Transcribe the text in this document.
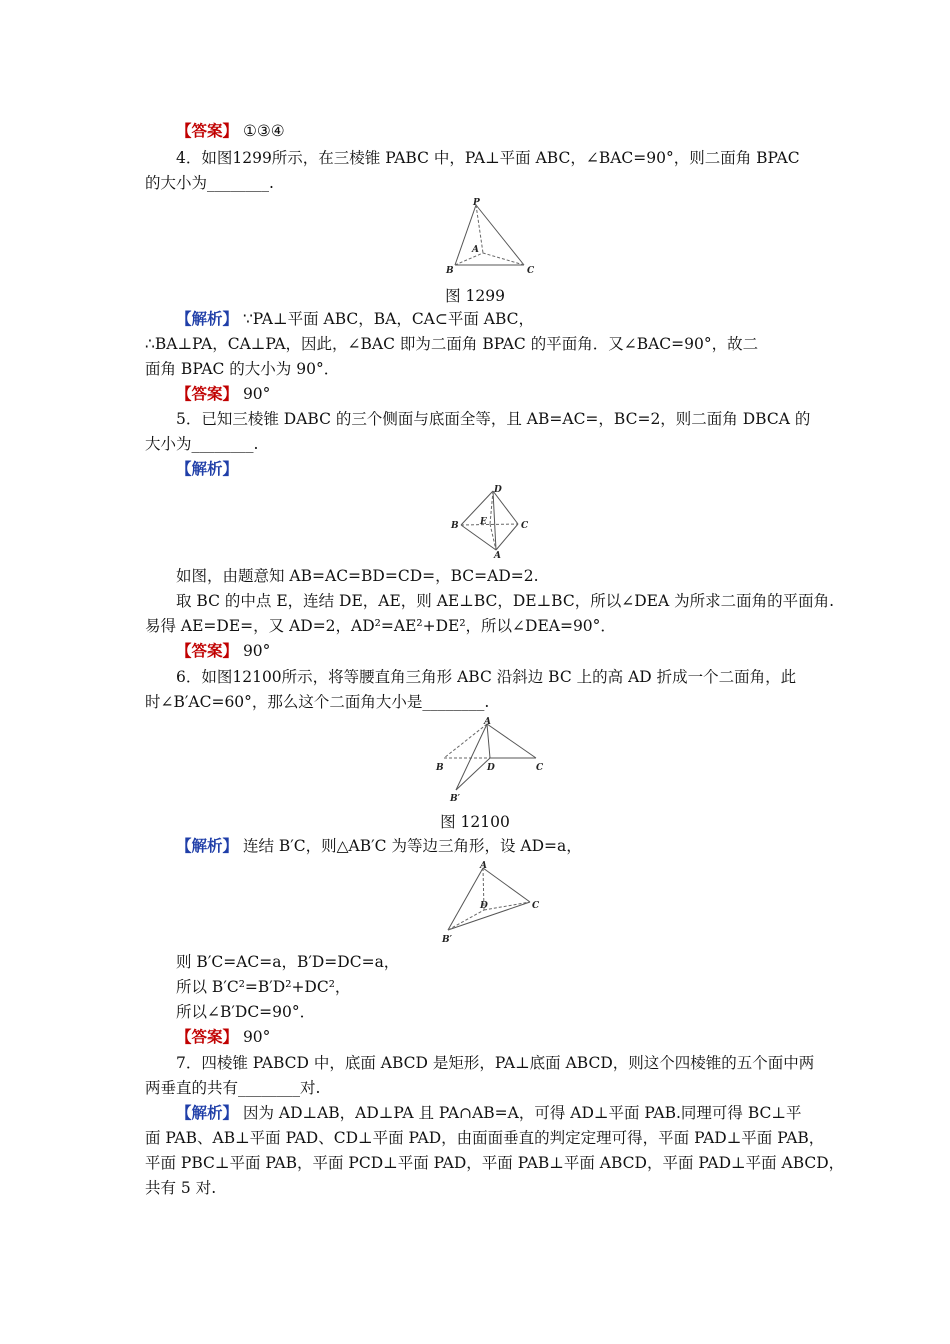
【答案】 ①③④
4．如图1299所示，在三棱锥 PABC 中，PA⊥平面 ABC，∠BAC=90°，则二面角 BPAC
的大小为________.
P
A
B	C
图 1299
【解析】 ∵PA⊥平面 ABC，BA，CA⊂平面 ABC，
∴BA⊥PA，CA⊥PA，因此，∠BAC 即为二面角 BPAC 的平面角．又∠BAC=90°，故二
面角 BPAC 的大小为 90°．
【答案】 90°
5．已知三棱锥 DABC 的三个侧面与底面全等，且 AB=AC=，BC=2，则二面角 DBCA 的
大小为________.
【解析】
D
B E	C
A
如图，由题意知 AB=AC=BD=CD=，BC=AD=2.
取 BC 的中点 E，连结 DE，AE，则 AE⊥BC，DE⊥BC，所以∠DEA 为所求二面角的平面角.
易得 AE=DE=，又 AD=2，AD²=AE²+DE²，所以∠DEA=90°．
【答案】 90°
6．如图12100所示，将等腰直角三角形 ABC 沿斜边 BC 上的高 AD 折成一个二面角，此
时∠B′AC=60°，那么这个二面角大小是________.
A
B	D	C
B′
图 12100
【解析】 连结 B′C，则△AB′C 为等边三角形，设 AD=a，
A
D	C
B′
则 B′C=AC=a，B′D=DC=a，
所以 B′C²=B′D²+DC²，
所以∠B′DC=90°．
【答案】 90°
7．四棱锥 PABCD 中，底面 ABCD 是矩形，PA⊥底面 ABCD，则这个四棱锥的五个面中两
两垂直的共有________对.
【解析】 因为 AD⊥AB，AD⊥PA 且 PA∩AB=A，可得 AD⊥平面 PAB.同理可得 BC⊥平
面 PAB、AB⊥平面 PAD、CD⊥平面 PAD，由面面垂直的判定定理可得，平面 PAD⊥平面 PAB，
平面 PBC⊥平面 PAB，平面 PCD⊥平面 PAD，平面 PAB⊥平面 ABCD，平面 PAD⊥平面 ABCD，
共有 5 对.
